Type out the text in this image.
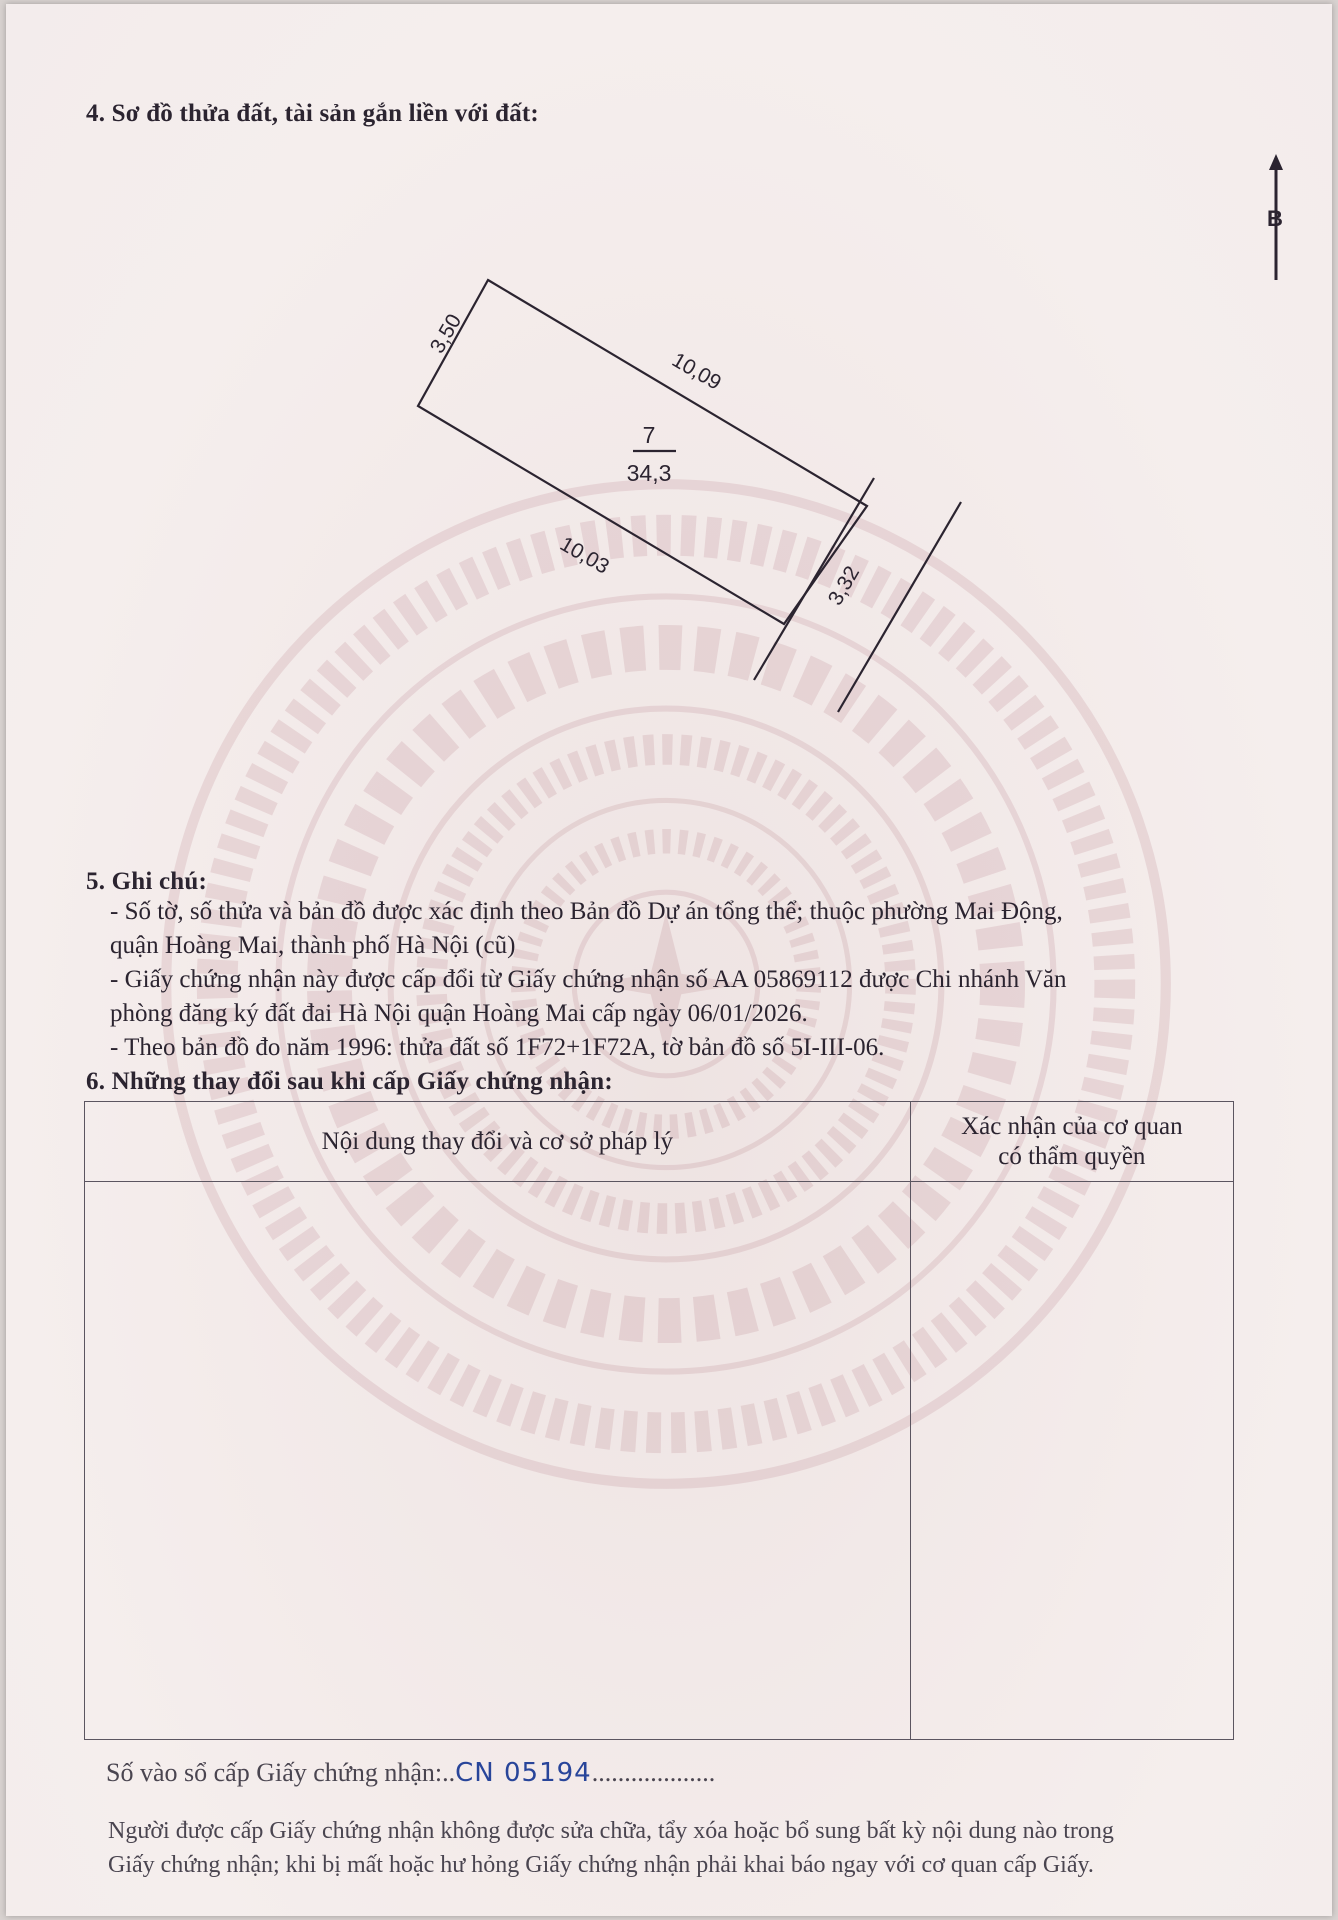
4. Sơ đồ thửa đất, tài sản gắn liền với đất:
B
7
34,3
3,50
10,09
10,03
3,32
5. Ghi chú:
- Số tờ, số thửa và bản đồ được xác định theo Bản đồ Dự án tổng thể; thuộc phường Mai Động,
quận Hoàng Mai, thành phố Hà Nội (cũ)
- Giấy chứng nhận này được cấp đổi từ Giấy chứng nhận số AA 05869112 được Chi nhánh Văn
phòng đăng ký đất đai Hà Nội quận Hoàng Mai cấp ngày 06/01/2026.
- Theo bản đồ đo năm 1996: thửa đất số 1F72+1F72A, tờ bản đồ số 5I-III-06.
6. Những thay đổi sau khi cấp Giấy chứng nhận:
Nội dung thay đổi và cơ sở pháp lý	Xác nhận của cơ quan
có thẩm quyền

Số vào sổ cấp Giấy chứng nhận:..CN 05194...................
Người được cấp Giấy chứng nhận không được sửa chữa, tẩy xóa hoặc bổ sung bất kỳ nội dung nào trong
Giấy chứng nhận; khi bị mất hoặc hư hỏng Giấy chứng nhận phải khai báo ngay với cơ quan cấp Giấy.
